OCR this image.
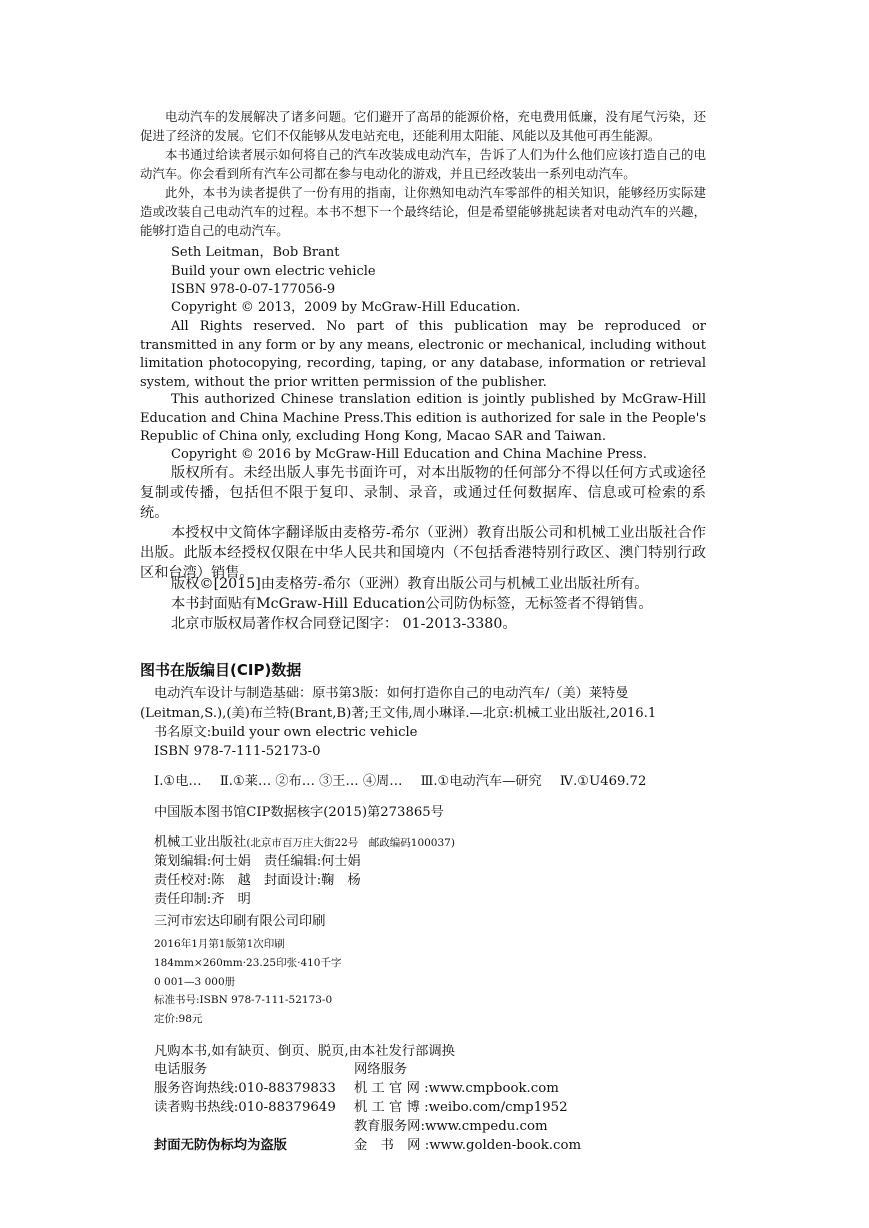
电动汽车的发展解决了诸多问题。它们避开了高昂的能源价格，充电费用低廉，没有尾气污染，还促进了经济的发展。它们不仅能够从发电站充电，还能利用太阳能、风能以及其他可再生能源。

本书通过给读者展示如何将自己的汽车改装成电动汽车，告诉了人们为什么他们应该打造自己的电动汽车。你会看到所有汽车公司都在参与电动化的游戏，并且已经改装出一系列电动汽车。

此外，本书为读者提供了一份有用的指南，让你熟知电动汽车零部件的相关知识，能够经历实际建造或改装自己电动汽车的过程。本书不想下一个最终结论，但是希望能够挑起读者对电动汽车的兴趣，能够打造自己的电动汽车。

Seth Leitman，Bob Brant

Build your own electric vehicle

ISBN 978-0-07-177056-9

Copyright © 2013，2009 by McGraw-Hill Education.

All Rights reserved. No part of this publication may be reproduced or transmitted in any form or by any means, electronic or mechanical, including without limitation photocopying, recording, taping, or any database, information or retrieval system, without the prior written permission of the publisher.

This authorized Chinese translation edition is jointly published by McGraw-Hill Education and China Machine Press.This edition is authorized for sale in the People's Republic of China only, excluding Hong Kong, Macao SAR and Taiwan.

Copyright © 2016 by McGraw-Hill Education and China Machine Press.

版权所有。未经出版人事先书面许可，对本出版物的任何部分不得以任何方式或途径复制或传播，包括但不限于复印、录制、录音，或通过任何数据库、信息或可检索的系统。

本授权中文简体字翻译版由麦格劳-希尔（亚洲）教育出版公司和机械工业出版社合作出版。此版本经授权仅限在中华人民共和国境内（不包括香港特别行政区、澳门特别行政区和台湾）销售。

版权©[2015]由麦格劳-希尔（亚洲）教育出版公司与机械工业出版社所有。

本书封面贴有McGraw-Hill Education公司防伪标签，无标签者不得销售。

北京市版权局著作权合同登记图字： 01-2013-3380。

图书在版编目(CIP)数据

电动汽车设计与制造基础：原书第3版：如何打造你自己的电动汽车/（美）莱特曼(Leitman,S.),(美)布兰特(Brant,B)著;王文伟,周小琳译.—北京:机械工业出版社,2016.1

书名原文:build your own electric vehicle

ISBN 978-7-111-52173-0

Ⅰ.①电… Ⅱ.①莱… ②布… ③王… ④周… Ⅲ.①电动汽车—研究 Ⅳ.①U469.72

中国版本图书馆CIP数据核字(2015)第273865号

机械工业出版社(北京市百万庄大街22号　邮政编码100037)

策划编辑:何士娟　责任编辑:何士娟

责任校对:陈　越　封面设计:鞠　杨

责任印制:齐　明

三河市宏达印刷有限公司印刷

2016年1月第1版第1次印刷

184mm×260mm·23.25印张·410千字

0 001—3 000册

标准书号:ISBN 978-7-111-52173-0

定价:98元

凡购本书,如有缺页、倒页、脱页,由本社发行部调换

电话服务	网络服务

服务咨询热线:010-88379833 机 工 官 网 :www.cmpbook.com

读者购书热线:010-88379649 机 工 官 博 :weibo.com/cmp1952

教育服务网:www.cmpedu.com

封面无防伪标均为盗版	金　书　网 :www.golden-book.com
